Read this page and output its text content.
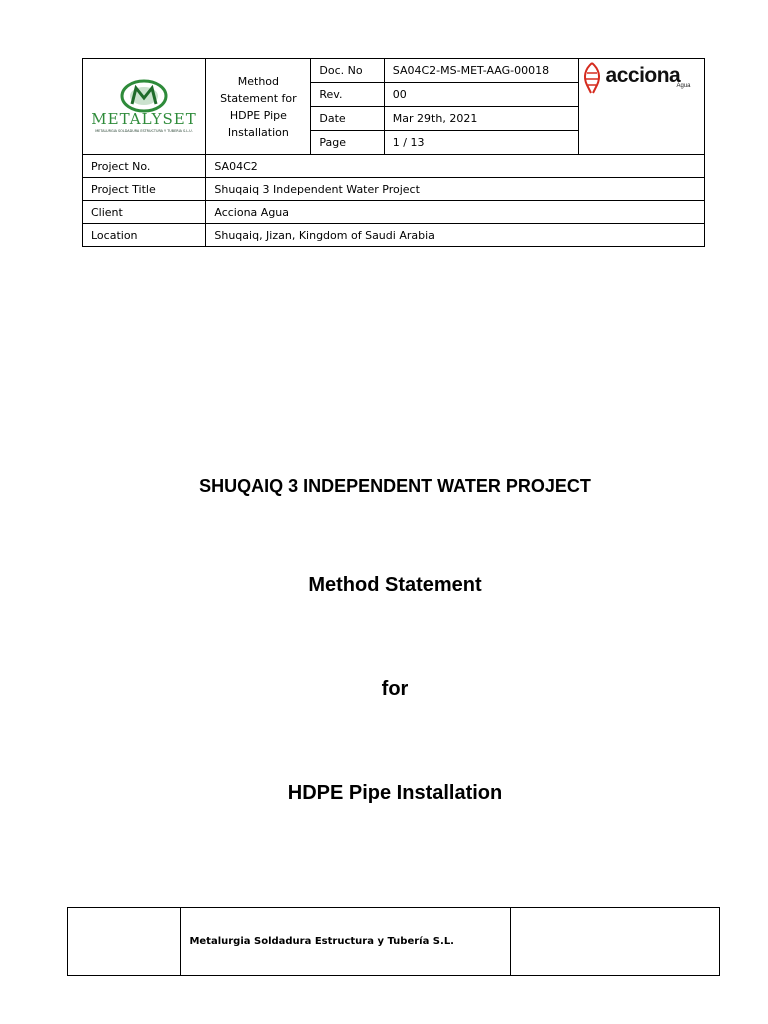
METALYSET
METALURGIA SOLDADURA ESTRUCTURA Y TUBERIA S.L.U.	Method Statement for HDPE Pipe Installation	Doc. No	SA04C2-MS-MET-AAG-00018	acciona
Agua

		Rev.	00	
		Date	Mar 29th, 2021	
		Page	1 / 13	
Project No.	SA04C2			
Project Title	Shuqaiq 3 Independent Water Project			
Client	Acciona Agua			
Location	Shuqaiq, Jizan, Kingdom of Saudi Arabia			
SHUQAIQ 3 INDEPENDENT WATER PROJECT
Method Statement
for
HDPE Pipe Installation
	Metalurgia Soldadura Estructura y Tubería S.L.	
